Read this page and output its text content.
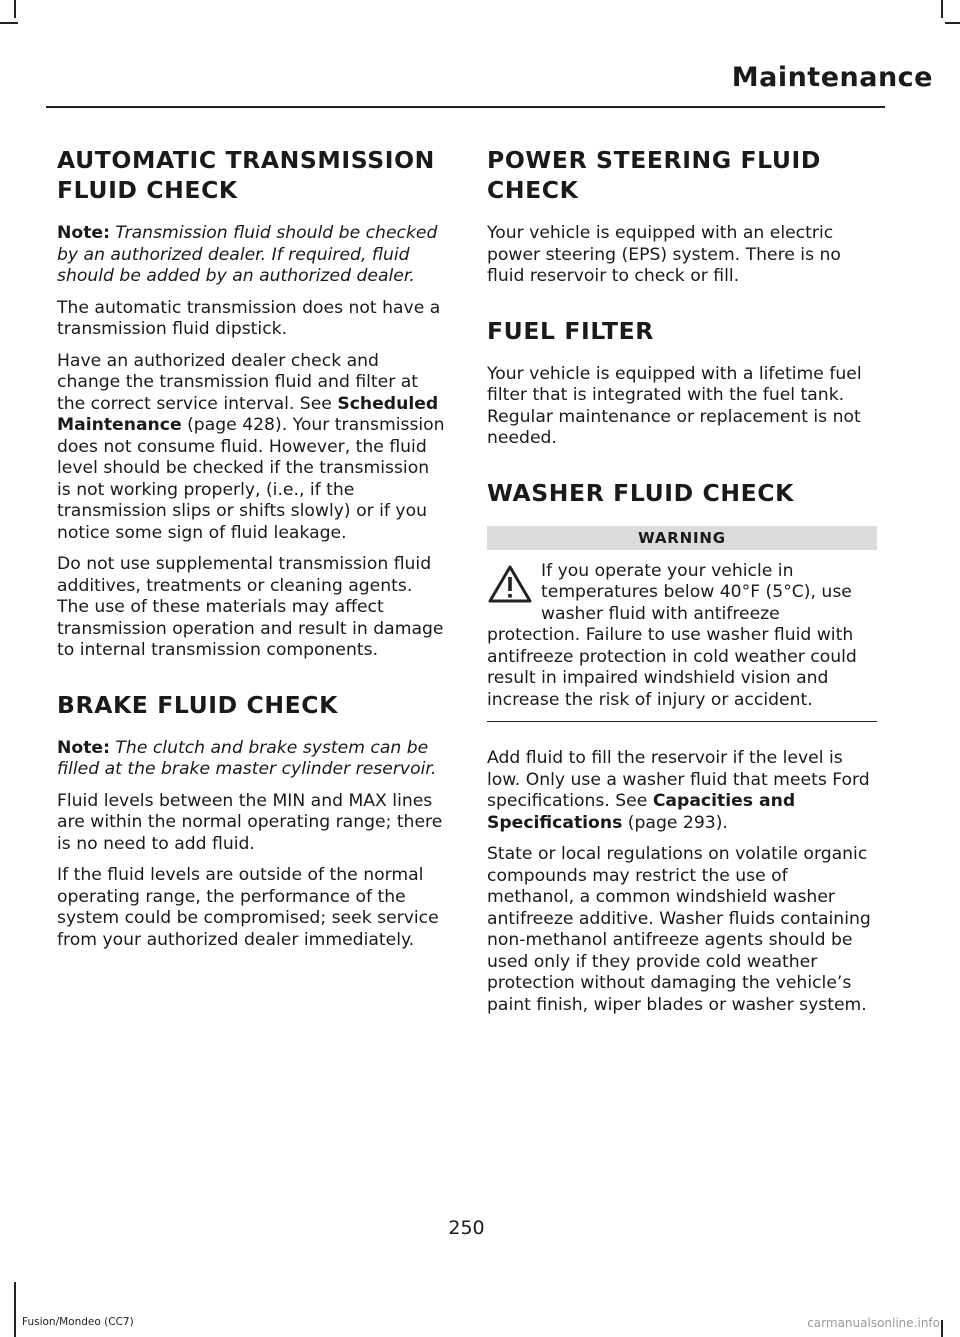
Maintenance
AUTOMATIC TRANSMISSION
FLUID CHECK

Note: Transmission fluid should be checked by an authorized dealer. If required, fluid should be added by an authorized dealer.

The automatic transmission does not have a transmission fluid dipstick.

Have an authorized dealer check and change the transmission fluid and filter at the correct service interval. See Scheduled Maintenance (page 428). Your transmission does not consume fluid. However, the fluid level should be checked if the transmission is not working properly, (i.e., if the transmission slips or shifts slowly) or if you notice some sign of fluid leakage.

Do not use supplemental transmission fluid additives, treatments or cleaning agents. The use of these materials may affect transmission operation and result in damage to internal transmission components.

BRAKE FLUID CHECK

Note: The clutch and brake system can be filled at the brake master cylinder reservoir.

Fluid levels between the MIN and MAX lines are within the normal operating range; there is no need to add fluid.

If the fluid levels are outside of the normal operating range, the performance of the system could be compromised; seek service from your authorized dealer immediately.

POWER STEERING FLUID
CHECK

Your vehicle is equipped with an electric power steering (EPS) system. There is no fluid reservoir to check or fill.

FUEL FILTER

Your vehicle is equipped with a lifetime fuel filter that is integrated with the fuel tank. Regular maintenance or replacement is not needed.

WASHER FLUID CHECK
WARNING

If you operate your vehicle in temperatures below 40°F (5°C), use washer fluid with antifreeze protection. Failure to use washer fluid with antifreeze protection in cold weather could result in impaired windshield vision and increase the risk of injury or accident.

Add fluid to fill the reservoir if the level is low. Only use a washer fluid that meets Ford specifications. See Capacities and Specifications (page 293).

State or local regulations on volatile organic compounds may restrict the use of methanol, a common windshield washer antifreeze additive. Washer fluids containing non-methanol antifreeze agents should be used only if they provide cold weather protection without damaging the vehicle’s paint finish, wiper blades or washer system.

250
Fusion/Mondeo (CC7)	carmanualsonline.info
